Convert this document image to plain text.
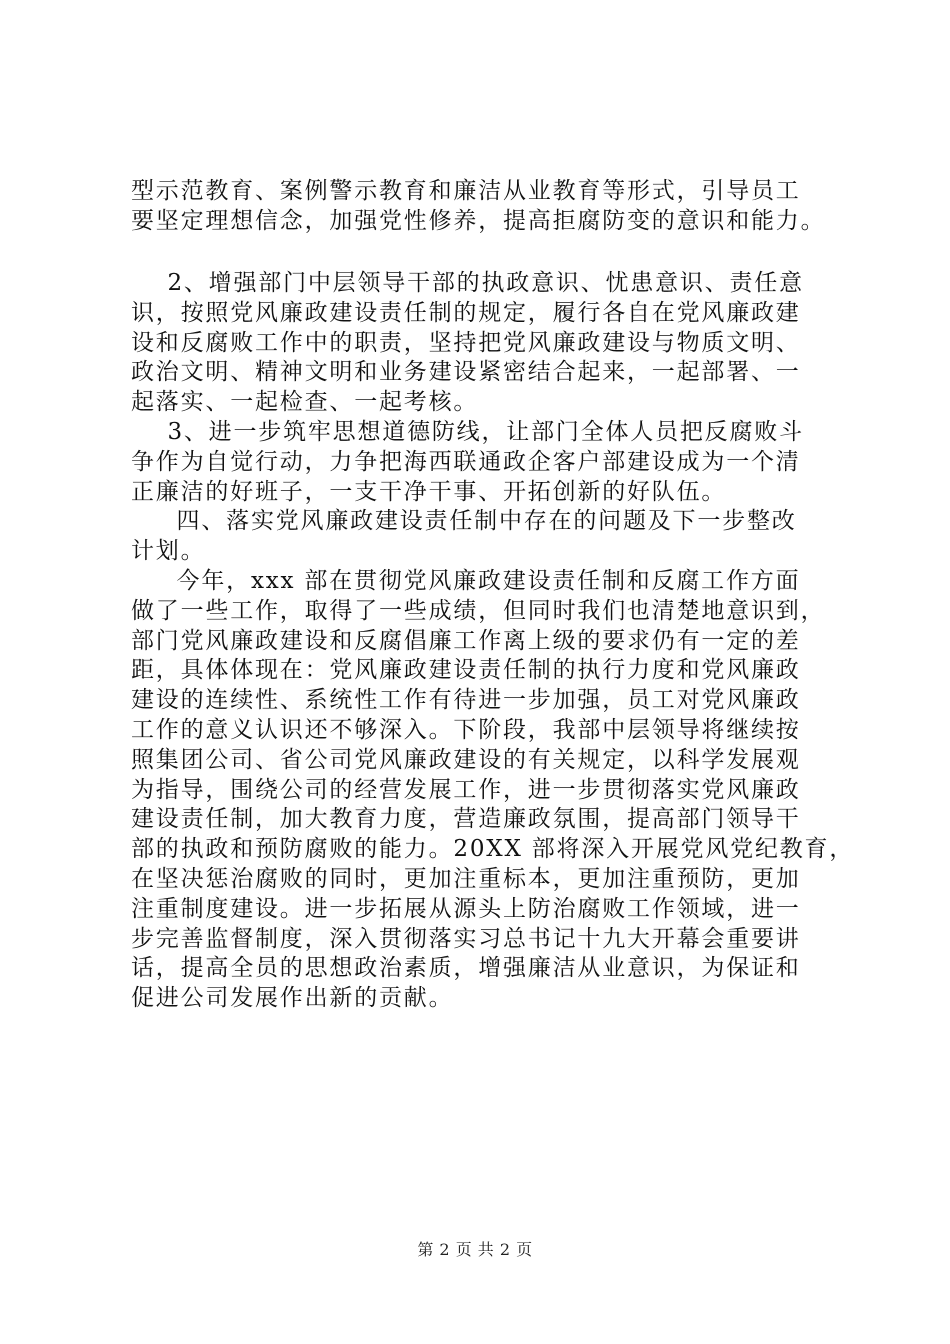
型示范教育、案例警示教育和廉洁从业教育等形式，引导员工
要坚定理想信念，加强党性修养，提高拒腐防变的意识和能力。
2、增强部门中层领导干部的执政意识、忧患意识、责任意
识，按照党风廉政建设责任制的规定，履行各自在党风廉政建
设和反腐败工作中的职责，坚持把党风廉政建设与物质文明、
政治文明、精神文明和业务建设紧密结合起来，一起部署、一
起落实、一起检查、一起考核。
3、进一步筑牢思想道德防线，让部门全体人员把反腐败斗
争作为自觉行动，力争把海西联通政企客户部建设成为一个清
正廉洁的好班子，一支干净干事、开拓创新的好队伍。
四、落实党风廉政建设责任制中存在的问题及下一步整改
计划。
今年，xxx 部在贯彻党风廉政建设责任制和反腐工作方面
做了一些工作，取得了一些成绩，但同时我们也清楚地意识到，
部门党风廉政建设和反腐倡廉工作离上级的要求仍有一定的差
距，具体体现在：党风廉政建设责任制的执行力度和党风廉政
建设的连续性、系统性工作有待进一步加强，员工对党风廉政
工作的意义认识还不够深入。下阶段，我部中层领导将继续按
照集团公司、省公司党风廉政建设的有关规定，以科学发展观
为指导，围绕公司的经营发展工作，进一步贯彻落实党风廉政
建设责任制，加大教育力度，营造廉政氛围，提高部门领导干
部的执政和预防腐败的能力。20XX 部将深入开展党风党纪教育，
在坚决惩治腐败的同时，更加注重标本，更加注重预防，更加
注重制度建设。进一步拓展从源头上防治腐败工作领域，进一
步完善监督制度，深入贯彻落实习总书记十九大开幕会重要讲
话，提高全员的思想政治素质，增强廉洁从业意识，为保证和
促进公司发展作出新的贡献。
第 2 页 共 2 页
